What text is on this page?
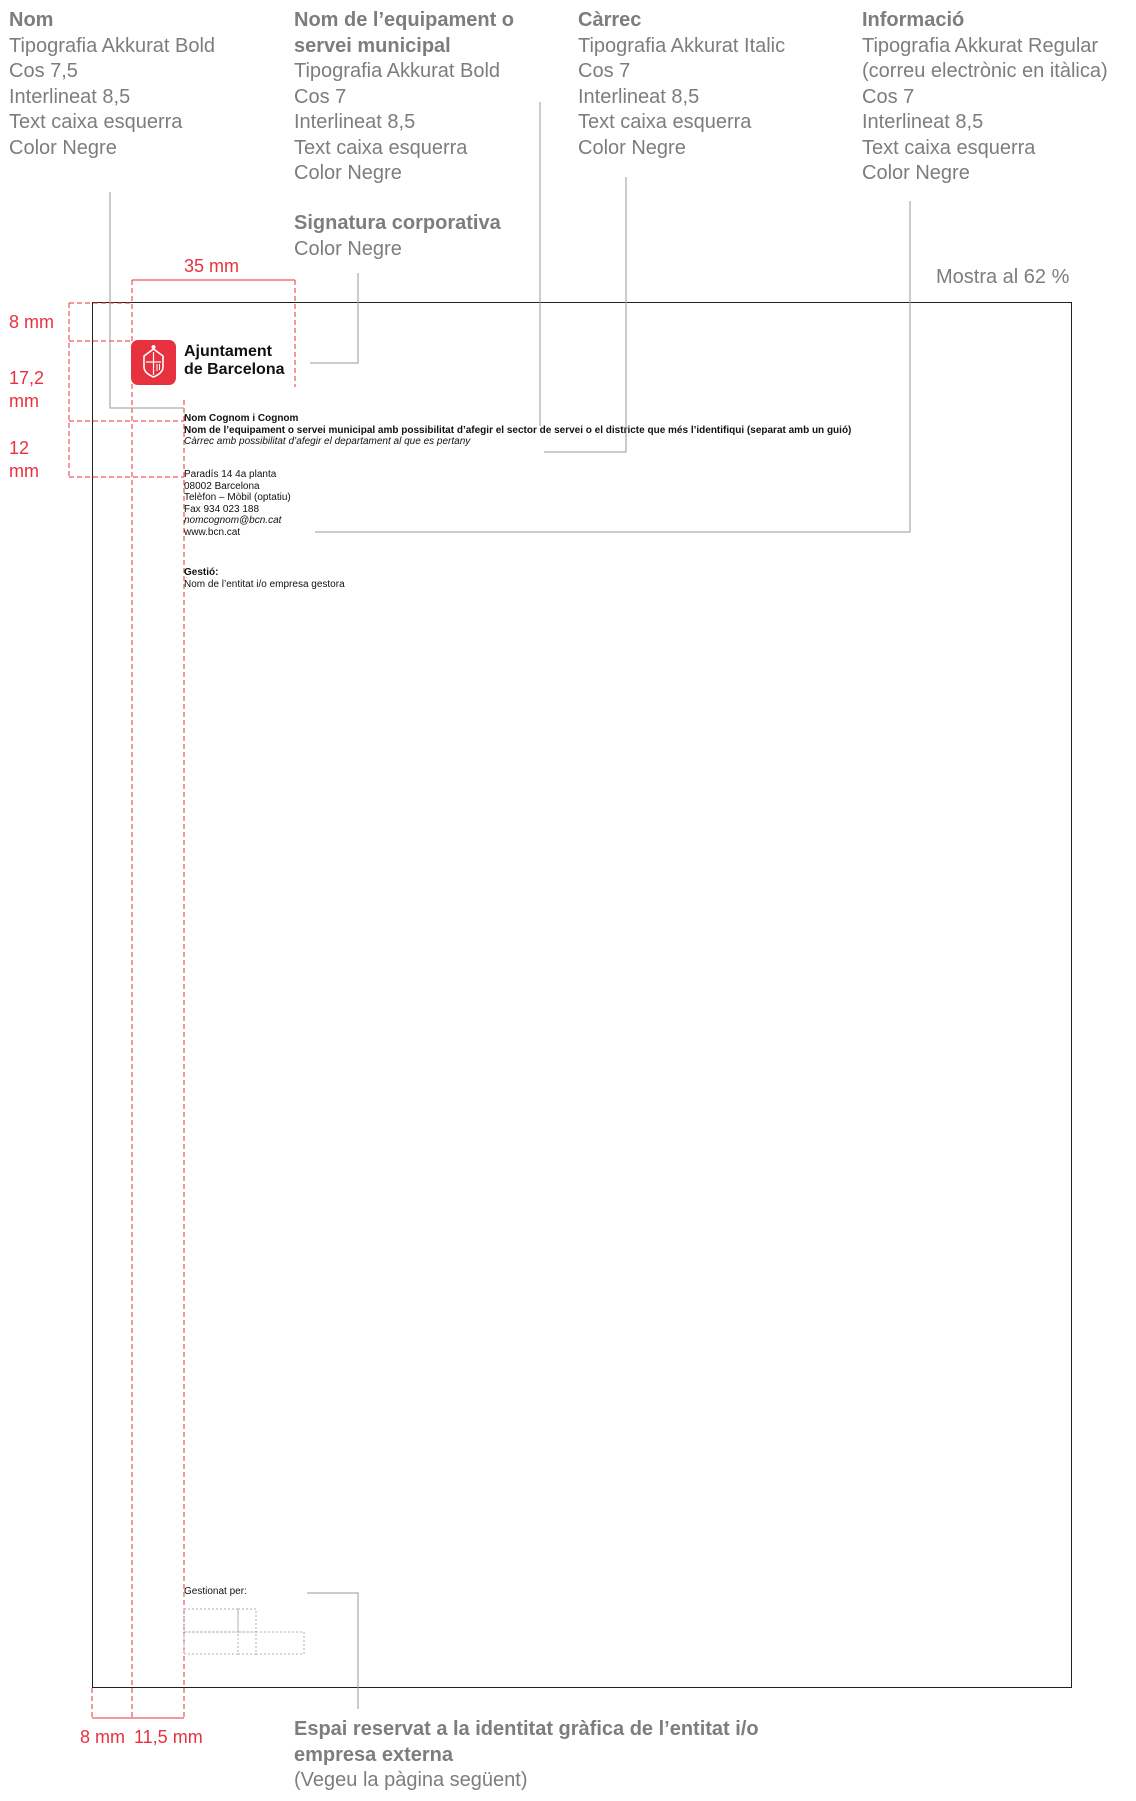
Nom
Tipografia Akkurat Bold
Cos 7,5
Interlineat 8,5
Text caixa esquerra
Color Negre
Nom de l’equipament o
servei municipal
Tipografia Akkurat Bold
Cos 7
Interlineat 8,5
Text caixa esquerra
Color Negre
Càrrec
Tipografia Akkurat Italic
Cos 7
Interlineat 8,5
Text caixa esquerra
Color Negre
Informació
Tipografia Akkurat Regular
(correu electrònic en itàlica)
Cos 7
Interlineat 8,5
Text caixa esquerra
Color Negre
Signatura corporativa
Color Negre
35 mm
8 mm
17,2
mm
12
mm
8 mm 11,5 mm
Mostra al 62 %
Ajuntament
de Barcelona
Nom Cognom i Cognom
Nom de l’equipament o servei municipal amb possibilitat d’afegir el sector de servei o el districte que més l’identifiqui (separat amb un guió)
Càrrec amb possibilitat d’afegir el departament al que es pertany
Paradís 14 4a planta
08002 Barcelona
Telèfon – Mòbil (optatiu)
Fax 934 023 188
nomcognom@bcn.cat
www.bcn.cat
Gestió:
Nom de l’entitat i/o empresa gestora
Gestionat per:
Espai reservat a la identitat gràfica de l’entitat i/o
empresa externa
(Vegeu la pàgina següent)
